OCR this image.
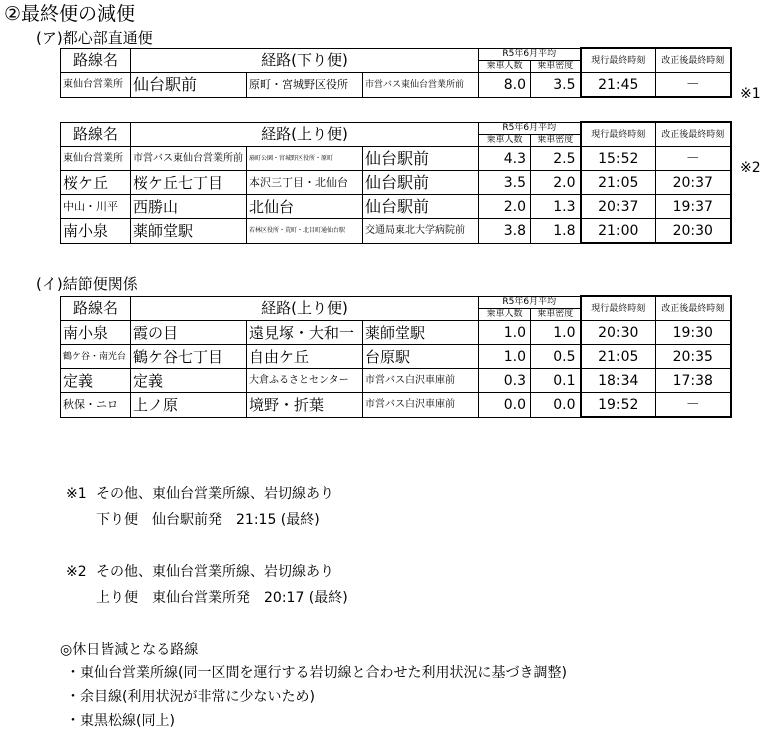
②最終便の減便
(ア)都心部直通便
路線名	経路(下り便)			R5年6月平均		現行最終時刻	改正後最終時刻
				乗車人数	乗車密度		
東仙台営業所	仙台駅前	原町・宮城野区役所	市営バス東仙台営業所前	8.0	3.5	21:45	－
※1
路線名	経路(上り便)			R5年6月平均		現行最終時刻	改正後最終時刻
				乗車人数	乗車密度		
東仙台営業所	市営バス東仙台営業所前	扇町公園・宮城野区役所・原町	仙台駅前	4.3	2.5	15:52	－
桜ケ丘	桜ケ丘七丁目	本沢三丁目・北仙台	仙台駅前	3.5	2.0	21:05	20:37
中山・川平	西勝山	北仙台	仙台駅前	2.0	1.3	20:37	19:37
南小泉	薬師堂駅	若林区役所・荒町・北目町通仙台駅	交通局東北大学病院前	3.8	1.8	21:00	20:30
※2
(イ)結節便関係
路線名	経路(上り便)			R5年6月平均		現行最終時刻	改正後最終時刻
				乗車人数	乗車密度		
南小泉	霞の目	遠見塚・大和一	薬師堂駅	1.0	1.0	20:30	19:30
鶴ケ谷・南光台	鶴ケ谷七丁目	自由ケ丘	台原駅	1.0	0.5	21:05	20:35
定義	定義	大倉ふるさとセンター	市営バス白沢車庫前	0.3	0.1	18:34	17:38
秋保・ニロ	上ノ原	境野・折葉	市営バス白沢車庫前	0.0	0.0	19:52	－
※1 その他、東仙台営業所線、岩切線あり
下り便　仙台駅前発　21:15 (最終)
※2 その他、東仙台営業所線、岩切線あり
上り便　東仙台営業所発　20:17 (最終)
◎休日皆減となる路線
・東仙台営業所線(同一区間を運行する岩切線と合わせた利用状況に基づき調整)
・余目線(利用状況が非常に少ないため)
・東黒松線(同上)
